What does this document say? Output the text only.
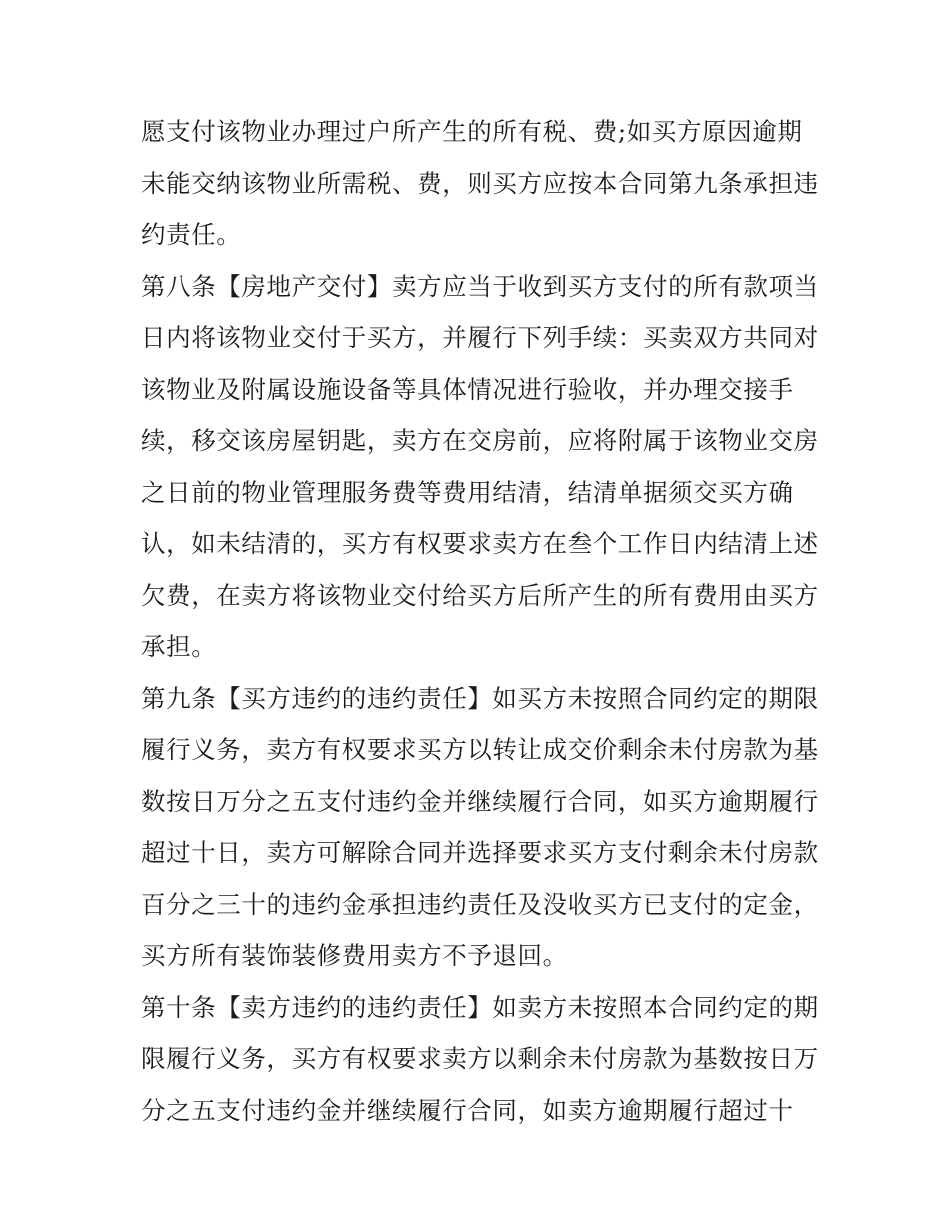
愿支付该物业办理过户所产生的所有税、费;如买方原因逾期
未能交纳该物业所需税、费，则买方应按本合同第九条承担违
约责任。
第八条【房地产交付】卖方应当于收到买方支付的所有款项当
日内将该物业交付于买方，并履行下列手续：买卖双方共同对
该物业及附属设施设备等具体情况进行验收，并办理交接手
续，移交该房屋钥匙，卖方在交房前，应将附属于该物业交房
之日前的物业管理服务费等费用结清，结清单据须交买方确
认，如未结清的，买方有权要求卖方在叁个工作日内结清上述
欠费，在卖方将该物业交付给买方后所产生的所有费用由买方
承担。
第九条【买方违约的违约责任】如买方未按照合同约定的期限
履行义务，卖方有权要求买方以转让成交价剩余未付房款为基
数按日万分之五支付违约金并继续履行合同，如买方逾期履行
超过十日，卖方可解除合同并选择要求买方支付剩余未付房款
百分之三十的违约金承担违约责任及没收买方已支付的定金，
买方所有装饰装修费用卖方不予退回。
第十条【卖方违约的违约责任】如卖方未按照本合同约定的期
限履行义务，买方有权要求卖方以剩余未付房款为基数按日万
分之五支付违约金并继续履行合同，如卖方逾期履行超过十
